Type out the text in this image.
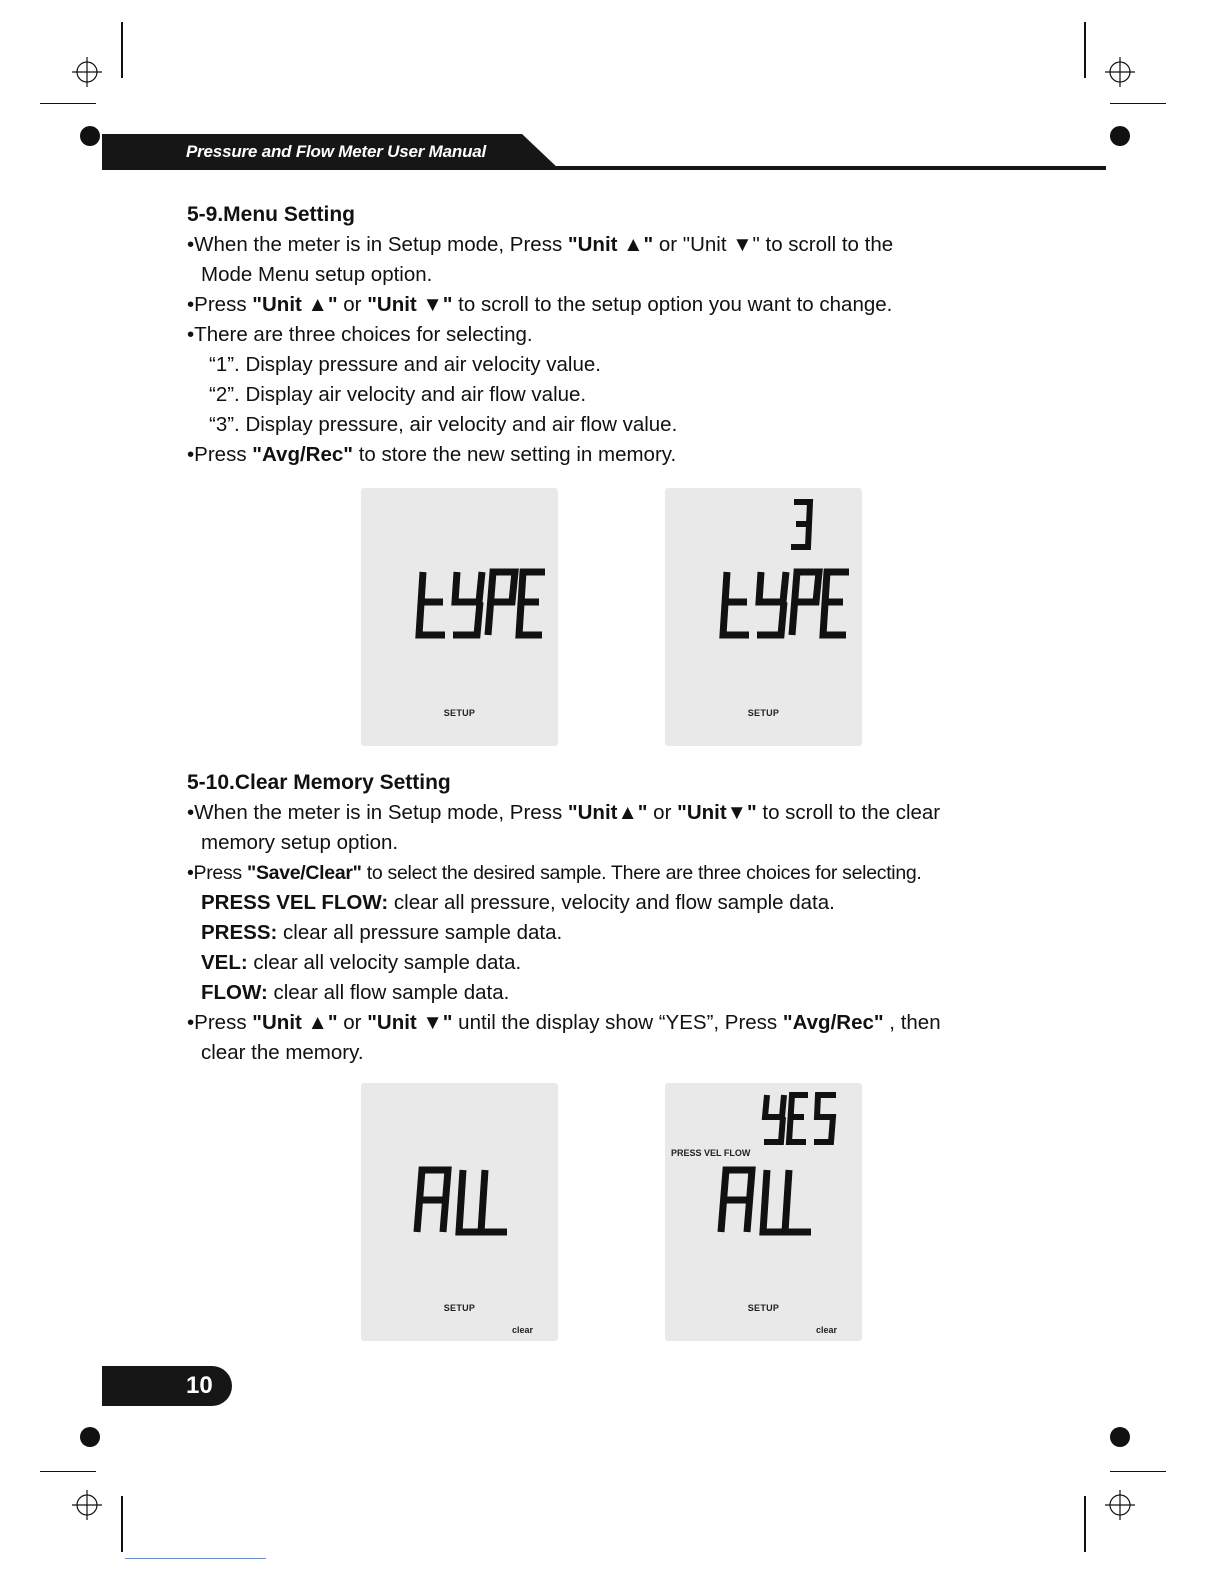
Pressure and Flow Meter User Manual
5-9.Menu Setting
•When the meter is in Setup mode, Press "Unit ▲" or "Unit ▼" to scroll to the
Mode Menu setup option.
•Press "Unit ▲" or "Unit ▼" to scroll to the setup option you want to change.
•There are three choices for selecting.
“1”. Display pressure and air velocity value.
“2”. Display air velocity and air flow value.
“3”. Display pressure, air velocity and air flow value.
•Press "Avg/Rec" to store the new setting in memory.
SETUP	SETUP
5-10.Clear Memory Setting
•When the meter is in Setup mode, Press "Unit▲" or "Unit▼" to scroll to the clear
memory setup option.
•Press "Save/Clear" to select the desired sample. There are three choices for selecting.
PRESS VEL FLOW: clear all pressure, velocity and flow sample data.
PRESS: clear all pressure sample data.
VEL: clear all velocity sample data.
FLOW: clear all flow sample data.
•Press "Unit ▲" or "Unit ▼" until the display show “YES”, Press "Avg/Rec" , then
clear the memory.
SETUP
clear
PRESS VEL FLOW
SETUP
clear
10
